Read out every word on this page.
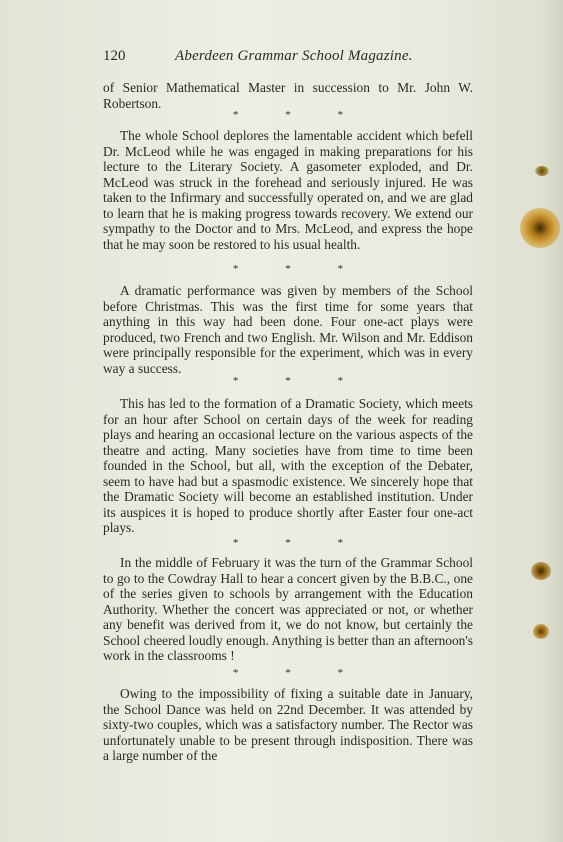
120	Aberdeen Grammar School Magazine.

of Senior Mathematical Master in succession to Mr. John W. Robertson.

* * *

The whole School deplores the lamentable accident which befell Dr. McLeod while he was engaged in making preparations for his lecture to the Literary Society. A gasometer exploded, and Dr. McLeod was struck in the forehead and seriously injured. He was taken to the Infirmary and successfully operated on, and we are glad to learn that he is making progress towards recovery. We extend our sympathy to the Doctor and to Mrs. McLeod, and express the hope that he may soon be restored to his usual health.

* * *

A dramatic performance was given by members of the School before Christmas. This was the first time for some years that anything in this way had been done. Four one-act plays were produced, two French and two English. Mr. Wilson and Mr. Eddison were principally responsible for the experiment, which was in every way a success.

* * *

This has led to the formation of a Dramatic Society, which meets for an hour after School on certain days of the week for reading plays and hearing an occasional lecture on the various aspects of the theatre and acting. Many societies have from time to time been founded in the School, but all, with the exception of the Debater, seem to have had but a spasmodic existence. We sincerely hope that the Dramatic Society will become an established institution. Under its auspices it is hoped to produce shortly after Easter four one-act plays.

* * *

In the middle of February it was the turn of the Grammar School to go to the Cowdray Hall to hear a concert given by the B.B.C., one of the series given to schools by arrangement with the Education Authority. Whether the concert was appreciated or not, or whether any benefit was derived from it, we do not know, but certainly the School cheered loudly enough. Anything is better than an afternoon's work in the classrooms !

* * *

Owing to the impossibility of fixing a suitable date in January, the School Dance was held on 22nd December. It was attended by sixty-two couples, which was a satisfactory number. The Rector was unfortunately unable to be present through indisposition. There was a large number of the
